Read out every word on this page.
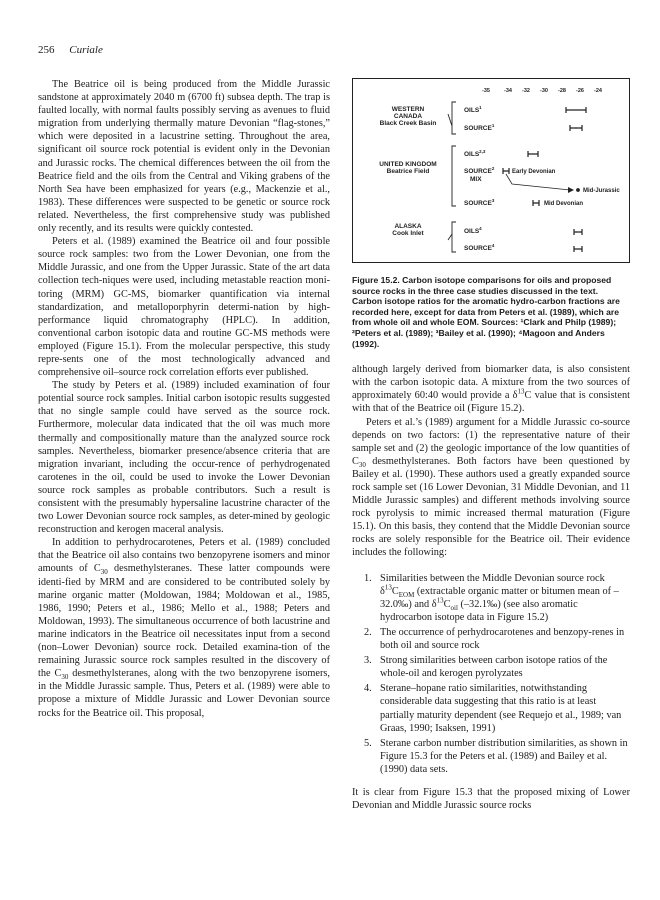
256 Curiale

The Beatrice oil is being produced from the Middle Jurassic sandstone at approximately 2040 m (6700 ft) subsea depth. The trap is faulted locally, with normal faults possibly serving as avenues to fluid migration from underlying thermally mature Devonian “flag-stones,” which were deposited in a lacustrine setting. Throughout the area, significant oil source rock potential is evident only in the Devonian and Jurassic rocks. The chemical differences between the oil from the Beatrice field and the oils from the Central and Viking grabens of the North Sea have been emphasized for years (e.g., Mackenzie et al., 1983). These differences were suspected to be genetic or source rock related. Nevertheless, the first comprehensive study was published only recently, and its results were quickly contested.

Peters et al. (1989) examined the Beatrice oil and four possible source rock samples: two from the Lower Devonian, one from the Middle Jurassic, and one from the Upper Jurassic. State of the art data collection tech-niques were used, including metastable reaction moni-toring (MRM) GC-MS, biomarker quantification via internal standardization, and metalloporphyrin determi-nation by high-performance liquid chromatography (HPLC). In addition, conventional carbon isotopic data and routine GC-MS methods were employed (Figure 15.1). From the molecular perspective, this study repre-sents one of the most technologically advanced and comprehensive oil–source rock correlation efforts ever published.

The study by Peters et al. (1989) included examination of four potential source rock samples. Initial carbon isotopic results suggested that no single sample could have served as the source rock. Furthermore, molecular data indicated that the oil was much more thermally and compositionally mature than the analyzed source rock samples. Nevertheless, biomarker presence/absence criteria that are migration invariant, including the occur-rence of perhydrogenated carotenes in the oil, could be used to invoke the Lower Devonian source rock samples as probable contributors. Such a result is consistent with the presumably hypersaline lacustrine character of the two Lower Devonian source rock samples, as deter-mined by geologic reconstruction and kerogen maceral analysis.

In addition to perhydrocarotenes, Peters et al. (1989) concluded that the Beatrice oil also contains two benzopyrene isomers and minor amounts of $C_{30}$ desmethylsteranes. These latter compounds were identi-fied by MRM and are considered to be contributed solely by marine organic matter (Moldowan, 1984; Moldowan et al., 1985, 1986, 1990; Peters et al., 1986; Mello et al., 1988; Peters and Moldowan, 1993). The simultaneous occurrence of both lacustrine and marine indicators in the Beatrice oil necessitates input from a second (non–Lower Devonian) source rock. Detailed examina-tion of the remaining Jurassic source rock samples resulted in the discovery of the $C_{30}$ desmethylsteranes, along with the two benzopyrene isomers, in the Middle Jurassic sample. Thus, Peters et al. (1989) were able to propose a mixture of Middle Jurassic and Lower Devonian source rocks for the Beatrice oil. This proposal,

-35	-34 -32 -30 -28 -26 -24
WESTERN
CANADA
Black Creek Basin
OILS$^1$
SOURCE$^1$
UNITED KINGDOM
Beatrice Field
OILS$^{2,3}$
SOURCE$^2$
MIX
SOURCE$^3$
Early Devonian
Mid-Jurassic
Mid Devonian
ALASKA
Cook Inlet	OILS$^4$
SOURCE$^4$
Figure 15.2. Carbon isotope comparisons for oils and proposed source rocks in the three case studies discussed in the text. Carbon isotope ratios for the aromatic hydro-carbon fractions are recorded here, except for data from Peters et al. (1989), which are from whole oil and whole EOM. Sources: ¹Clark and Philp (1989); ²Peters et al. (1989); ³Bailey et al. (1990); ⁴Magoon and Anders (1992).

although largely derived from biomarker data, is also consistent with the carbon isotopic data. A mixture from the two sources of approximately 60:40 would provide a $\delta^{13}C$ value that is consistent with that of the Beatrice oil (Figure 15.2).

Peters et al.’s (1989) argument for a Middle Jurassic co-source depends on two factors: (1) the representative nature of their sample set and (2) the geologic importance of the low quantities of $C_{30}$ desmethylsteranes. Both factors have been questioned by Bailey et al. (1990). These authors used a greatly expanded source rock sample set (16 Lower Devonian, 31 Middle Devonian, and 11 Middle Jurassic samples) and different methods involving source rock pyrolysis to mimic increased thermal maturation (Figure 15.1). On this basis, they contend that the Middle Devonian source rocks are solely responsible for the Beatrice oil. Their evidence includes the following:

1. Similarities between the Middle Devonian source rock $\delta^{13}C_{EOM}$ (extractable organic matter or bitumen mean of –32.0‰) and $\delta^{13}C_{oil}$ (–32.1‰) (see also aromatic hydrocarbon isotope data in Figure 15.2)
2. The occurrence of perhydrocarotenes and benzopy-renes in both oil and source rock
3. Strong similarities between carbon isotope ratios of the whole-oil and kerogen pyrolyzates
4. Sterane–hopane ratio similarities, notwithstanding considerable data suggesting that this ratio is at least partially maturity dependent (see Requejo et al., 1989; van Graas, 1990; Isaksen, 1991)
5. Sterane carbon number distribution similarities, as shown in Figure 15.3 for the Peters et al. (1989) and Bailey et al. (1990) data sets.

It is clear from Figure 15.3 that the proposed mixing of Lower Devonian and Middle Jurassic source rocks
